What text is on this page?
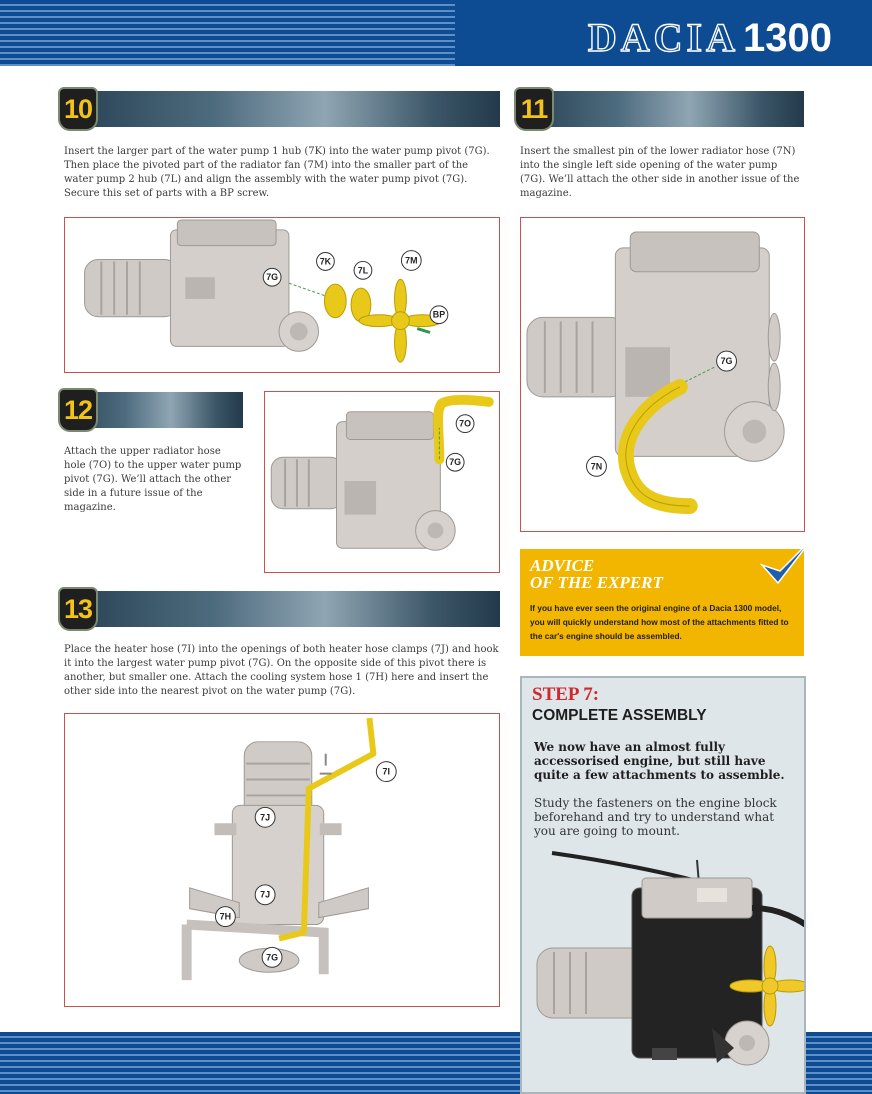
DACIA 1300
10
Insert the larger part of the water pump 1 hub (7K) into the water pump pivot (7G). Then place the pivoted part of the radiator fan (7M) into the smaller part of the water pump 2 hub (7L) and align the assembly with the water pump pivot (7G). Secure this set of parts with a BP screw.
7G
7K
7L
7M
BP
11
Insert the smallest pin of the lower radiator hose (7N) into the single left side opening of the water pump (7G). We’ll attach the other side in another issue of the magazine.
7G
7N
12
Attach the upper radiator hose hole (7O) to the upper water pump pivot (7G). We’ll attach the other side in a future issue of the magazine.
7O
7G
ADVICE
OF THE EXPERT
If you have ever seen the original engine of a Dacia 1300 model, you will quickly understand how most of the attachments fitted to the car's engine should be assembled.
13
Place the heater hose (7I) into the openings of both heater hose clamps (7J) and hook it into the largest water pump pivot (7G). On the opposite side of this pivot there is another, but smaller one. Attach the cooling system hose 1 (7H) here and insert the other side into the nearest pivot on the water pump (7G).
7I
7J
7J
7H
7G
STEP 7:
COMPLETE ASSEMBLY
We now have an almost fully accessorised engine, but still have quite a few attachments to assemble.
Study the fasteners on the engine block beforehand and try to understand what you are going to mount.
